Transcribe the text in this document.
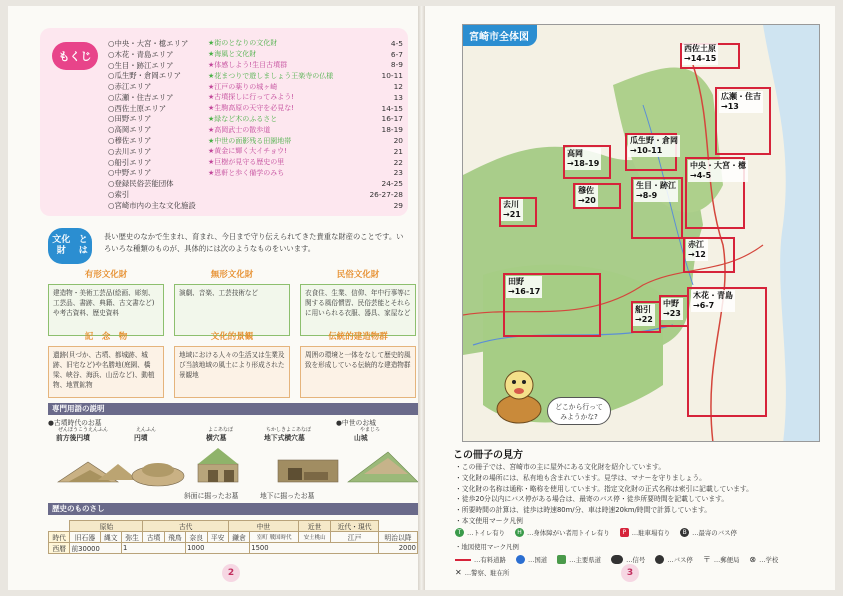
もくじ
○中央・大宮・檍エリア	★街のとなりの文化財	4-5
○木花・青島エリア	★海風と文化財	6-7
○生目・跡江エリア	★体感しよう!生目古墳群	8-9
○瓜生野・倉岡エリア	★花まつりで遊しましょう王楽寺の仏様	10-11
○赤江エリア	★江戸の薬りの城ヶ崎	12
○広瀬・住吉エリア	★古墳探しに行ってみよう!	13
○西佐土原エリア	★生駒高原の天守を必見な!	14-15
○田野エリア	★緑など木のふるさと	16-17
○高岡エリア	★高岡武士の散歩道	18-19
○穆佐エリア	★中世の面影残る田園地帯	20
○去川エリア	★黄金に輝く大イチョウ!	21
○船引エリア	★巨樹が見守る歴史の里	22
○中野エリア	★恩軒と歩く備学のみち	23
○登録民俗芸能団体	24-25
○索引	26-27-28
○宮崎市内の主な文化施設	29
文化財

とは
長い歴史のなかで生まれ、育まれ、今日まで守り伝えられてきた貴重な財産のことです。いろいろな種類のものが、具体的には次のようなものをいいます。
有形文化財
建造物・美術工芸品(絵画、彫刻、工芸品、書跡、典籍、古文書など)や考古資料、歴史資料
無形文化財
演劇、音楽、工芸技術など
民俗文化財
衣食住、生業、信仰、年中行事等に関する風俗慣習、民俗芸能とそれらに用いられる衣服、器具、家屋など
記　念　物
遺跡(貝づか、古墳、都城跡、城跡、旧宅など)や名勝地(庭園、橋梁、峡谷、海浜、山岳など)、動植物、地質鉱物
文化的景観
地域における人々の生活又は生業及び当該地域の風土により形成された景観地
伝統的建造物群
周囲の環境と一体をなして歴史的風致を形成している伝統的な建造物群
専門用語の説明
●古墳時代のお墓	●中世のお城
ぜんぽうこうえんふん
前方後円墳
えんふん
円墳
よこあなぼ
横穴墓
ちかしきよこあなぼ
地下式横穴墓
やまじろ
山城
斜面に掘ったお墓	地下に掘ったお墓
歴史のものさし
	原始			古代				中世		近世	近代・現代	
時代	旧石器	縄文	弥生	古墳	飛鳥	奈良	平安	鎌倉	室町 戦国時代	安土桃山	江戸	明治以降
西暦	前30000		1			1000			1500			2000
2
宮崎市全体図
西佐土原
→14-15
広瀬・住吉
→13
瓜生野・倉岡
→10-11
高岡
→18-19	中央・大宮・檍
→4-5
生目・跡江
→8-9
穆佐
→20
去川
→21
赤江
→12
田野
→16-17	木花・青島
→6-7
中野
→23
船引
→22
どこから行って
みようかな?
この冊子の見方
・この冊子では、宮崎市の主に屋外にある文化財を紹介しています。
・文化財の場所には、私有地も含まれています。見学は、マナーを守りましょう。
・文化財の名称は通称・略称を使用しています。指定文化財の正式名称は索引に記載しています。
・徒歩20分以内にバス停がある場合は、最寄のバス停・徒歩所要時間を記載しています。
・所要時間の計算は、徒歩は時速80m/分、車は時速20km/時間で計算しています。
・本文使用マーク凡例
T …トイレ有り	H …身体障がい者用トイレ有り	P …駐車場有り	B …最寄のバス停
・地図使用マーク凡例
…有料道路	…国道	…主要県道	…信号	…バス停 〒 …郵便局 ⊗ …学校
✕ …警察、駐在所	3
